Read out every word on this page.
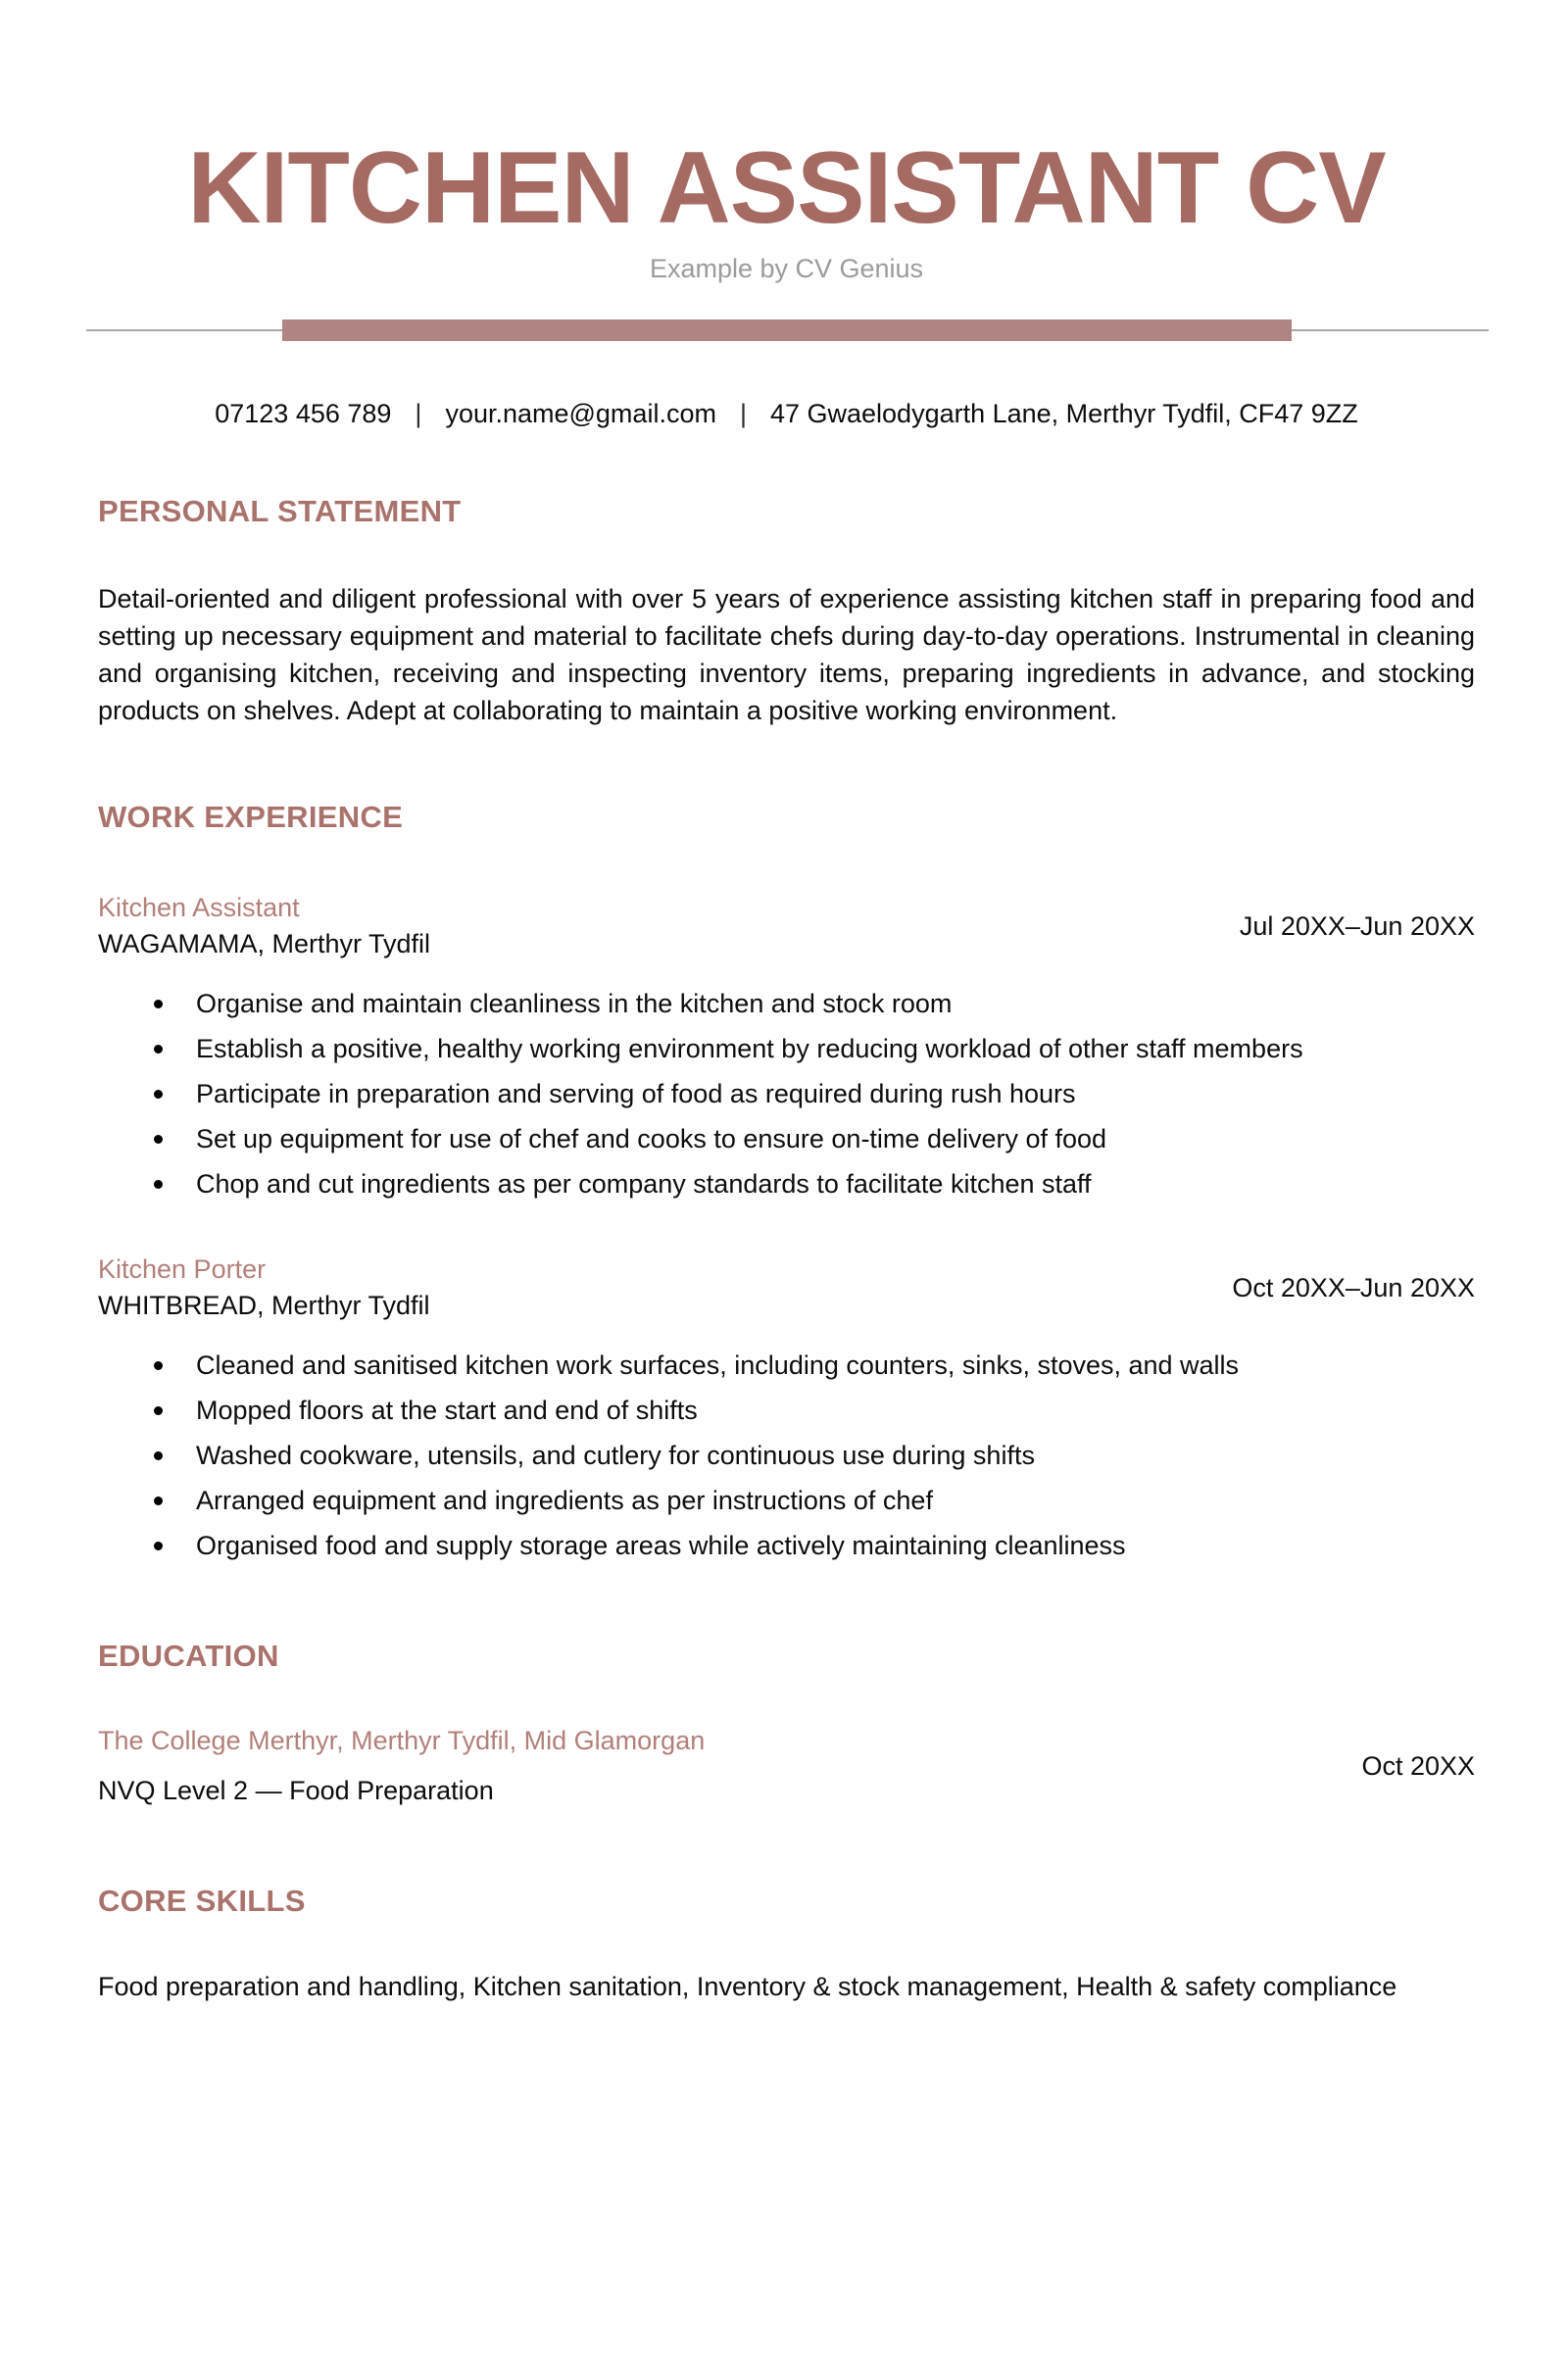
KITCHEN ASSISTANT CV
Example by CV Genius
07123 456 789 | your.name@gmail.com | 47 Gwaelodygarth Lane, Merthyr Tydfil, CF47 9ZZ
PERSONAL STATEMENT

Detail-oriented and diligent professional with over 5 years of experience assisting kitchen staff in preparing food and setting up necessary equipment and material to facilitate chefs during day-to-day operations. Instrumental in cleaning and organising kitchen, receiving and inspecting inventory items, preparing ingredients in advance, and stocking products on shelves. Adept at collaborating to maintain a positive working environment.

WORK EXPERIENCE
Kitchen Assistant
WAGAMAMA, Merthyr Tydfil
Jul 20XX–Jun 20XX
Organise and maintain cleanliness in the kitchen and stock room
Establish a positive, healthy working environment by reducing workload of other staff members
Participate in preparation and serving of food as required during rush hours
Set up equipment for use of chef and cooks to ensure on-time delivery of food
Chop and cut ingredients as per company standards to facilitate kitchen staff
Kitchen Porter
WHITBREAD, Merthyr Tydfil
Oct 20XX–Jun 20XX
Cleaned and sanitised kitchen work surfaces, including counters, sinks, stoves, and walls
Mopped floors at the start and end of shifts
Washed cookware, utensils, and cutlery for continuous use during shifts
Arranged equipment and ingredients as per instructions of chef
Organised food and supply storage areas while actively maintaining cleanliness
EDUCATION
The College Merthyr, Merthyr Tydfil, Mid Glamorgan
NVQ Level 2 — Food Preparation
Oct 20XX
CORE SKILLS

Food preparation and handling, Kitchen sanitation, Inventory & stock management, Health & safety compliance
